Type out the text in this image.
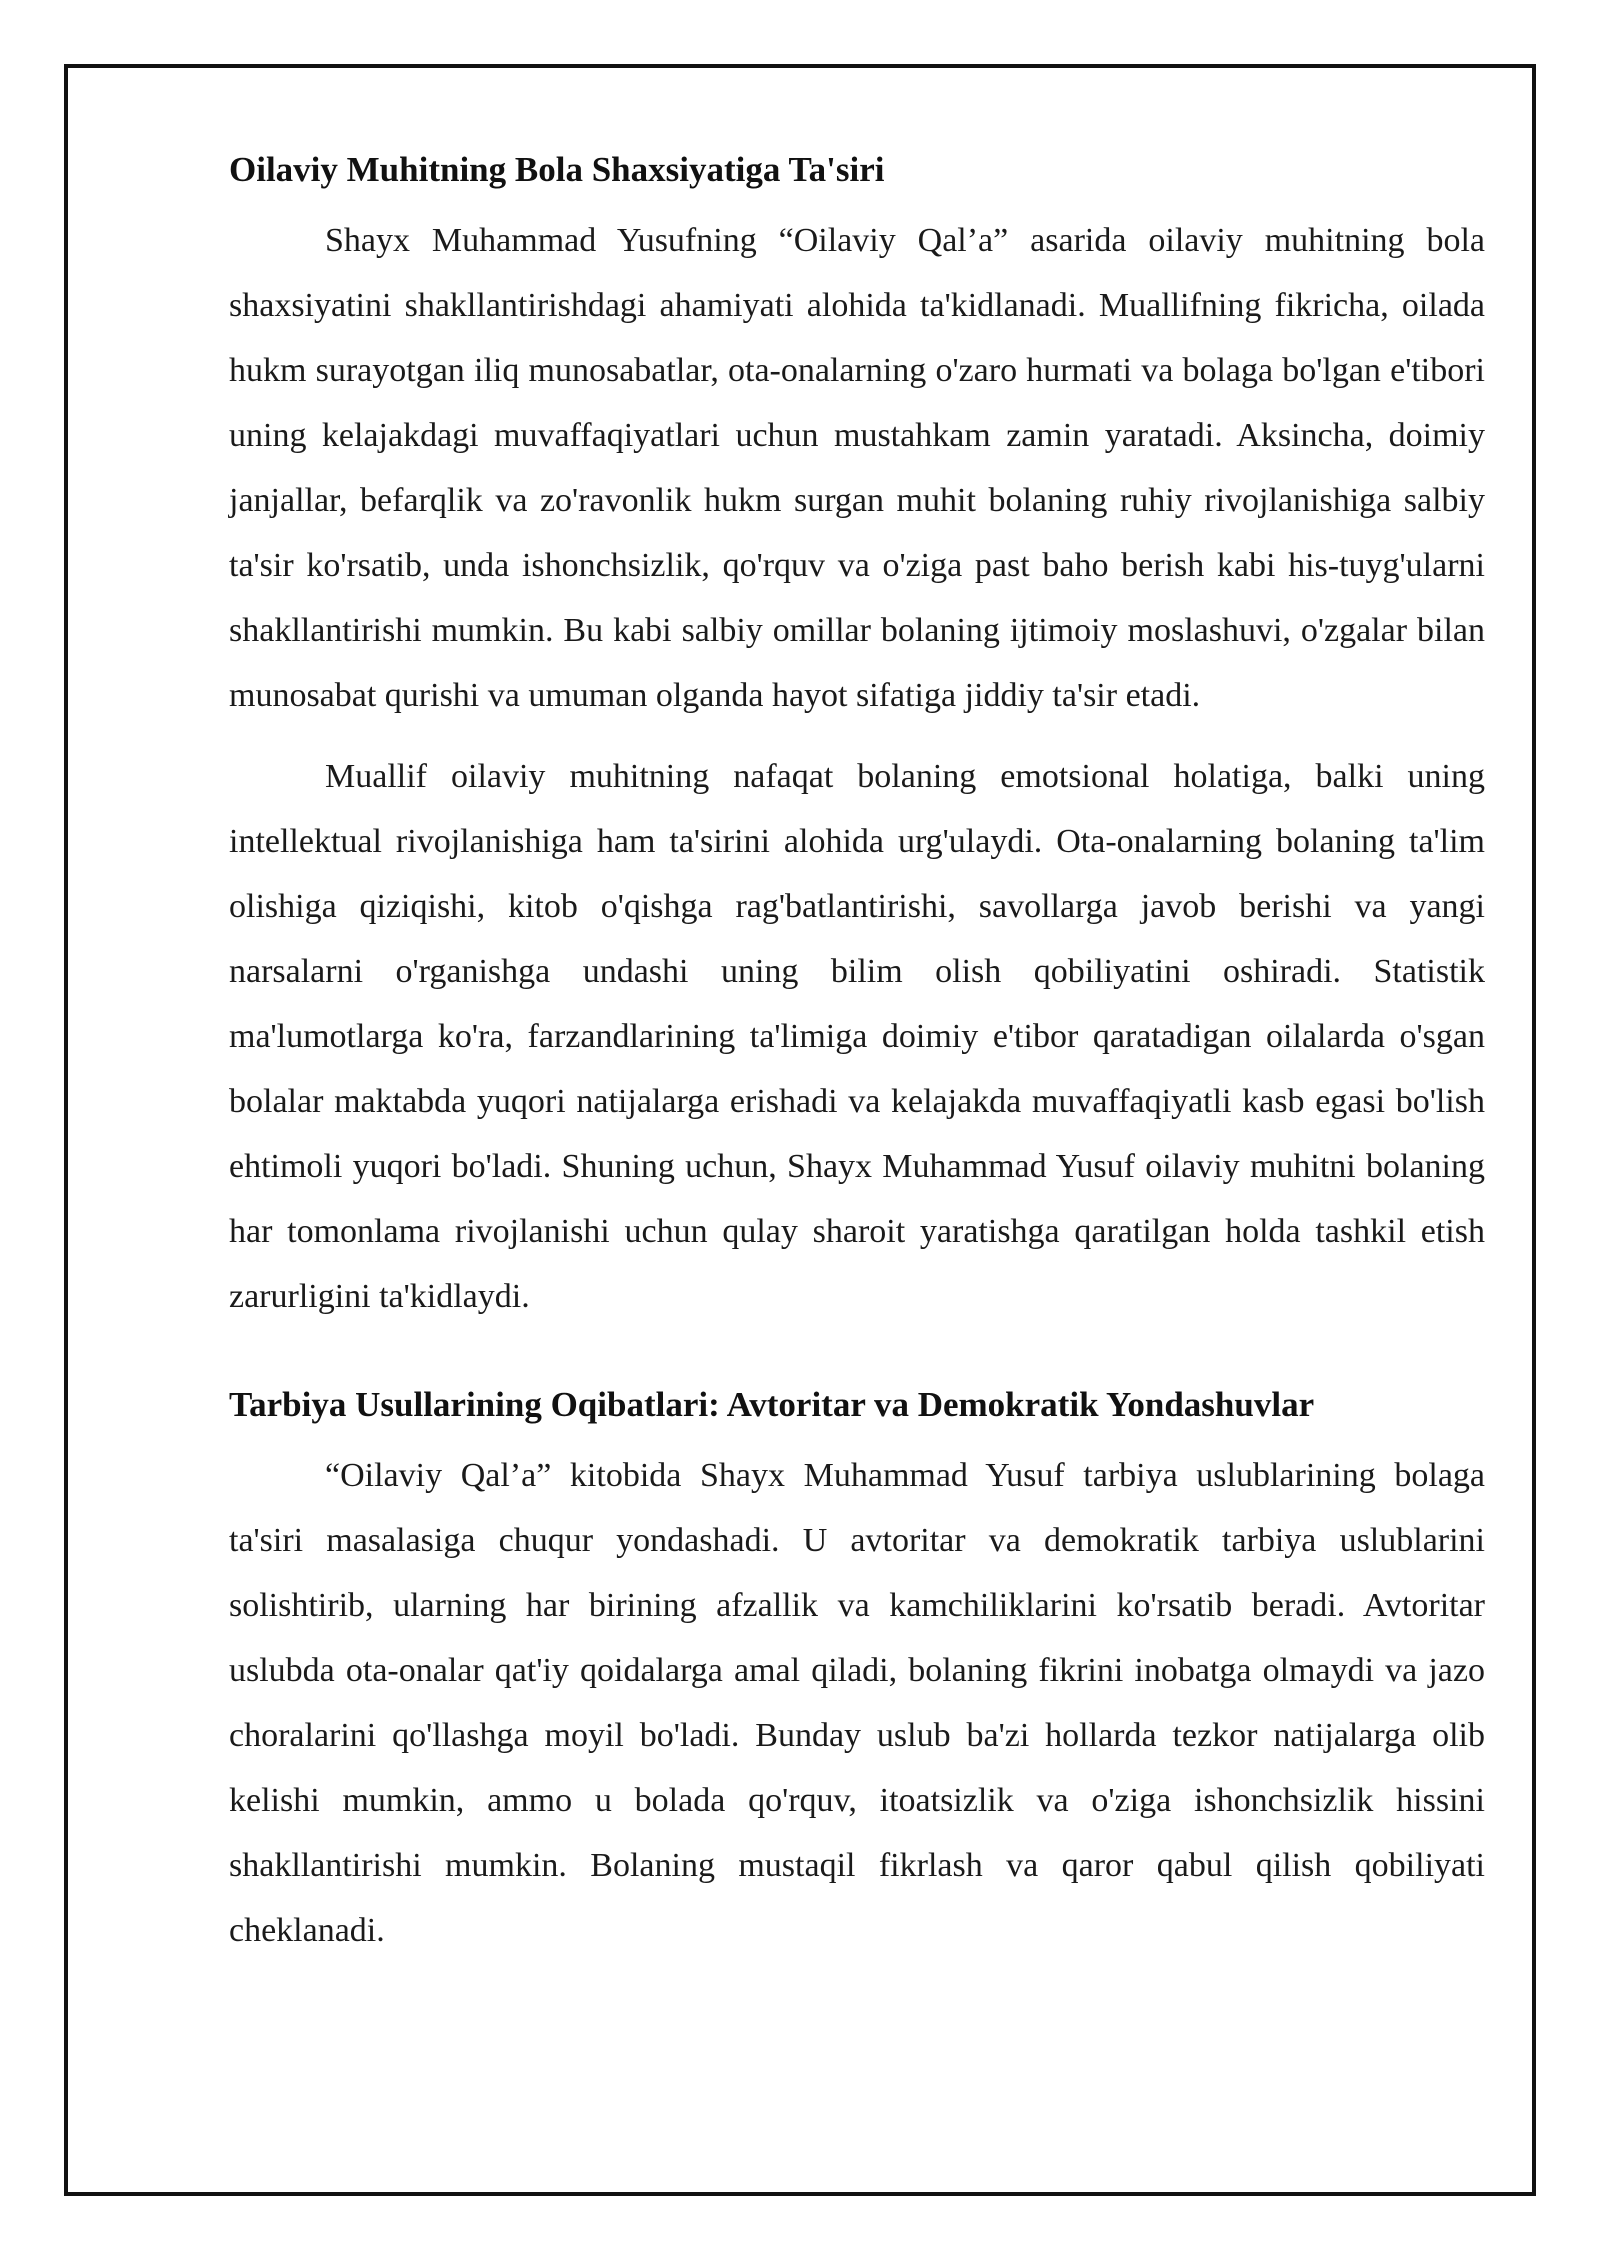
Oilaviy Muhitning Bola Shaxsiyatiga Ta'siri

Shayx Muhammad Yusufning “Oilaviy Qal’a” asarida oilaviy muhitning bola shaxsiyatini shakllantirishdagi ahamiyati alohida ta'kidlanadi. Muallifning fikricha, oilada hukm surayotgan iliq munosabatlar, ota-onalarning o'zaro hurmati va bolaga bo'lgan e'tibori uning kelajakdagi muvaffaqiyatlari uchun mustahkam zamin yaratadi. Aksincha, doimiy janjallar, befarqlik va zo'ravonlik hukm surgan muhit bolaning ruhiy rivojlanishiga salbiy ta'sir ko'rsatib, unda ishonchsizlik, qo'rquv va o'ziga past baho berish kabi his-tuyg'ularni shakllantirishi mumkin. Bu kabi salbiy omillar bolaning ijtimoiy moslashuvi, o'zgalar bilan munosabat qurishi va umuman olganda hayot sifatiga jiddiy ta'sir etadi.

Muallif oilaviy muhitning nafaqat bolaning emotsional holatiga, balki uning intellektual rivojlanishiga ham ta'sirini alohida urg'ulaydi. Ota-onalarning bolaning ta'lim olishiga qiziqishi, kitob o'qishga rag'batlantirishi, savollarga javob berishi va yangi narsalarni o'rganishga undashi uning bilim olish qobiliyatini oshiradi. Statistik ma'lumotlarga ko'ra, farzandlarining ta'limiga doimiy e'tibor qaratadigan oilalarda o'sgan bolalar maktabda yuqori natijalarga erishadi va kelajakda muvaffaqiyatli kasb egasi bo'lish ehtimoli yuqori bo'ladi. Shuning uchun, Shayx Muhammad Yusuf oilaviy muhitni bolaning har tomonlama rivojlanishi uchun qulay sharoit yaratishga qaratilgan holda tashkil etish zarurligini ta'kidlaydi.

Tarbiya Usullarining Oqibatlari: Avtoritar va Demokratik Yondashuvlar

“Oilaviy Qal’a” kitobida Shayx Muhammad Yusuf tarbiya uslublarining bolaga ta'siri masalasiga chuqur yondashadi. U avtoritar va demokratik tarbiya uslublarini solishtirib, ularning har birining afzallik va kamchiliklarini ko'rsatib beradi. Avtoritar uslubda ota-onalar qat'iy qoidalarga amal qiladi, bolaning fikrini inobatga olmaydi va jazo choralarini qo'llashga moyil bo'ladi. Bunday uslub ba'zi hollarda tezkor natijalarga olib kelishi mumkin, ammo u bolada qo'rquv, itoatsizlik va o'ziga ishonchsizlik hissini shakllantirishi mumkin. Bolaning mustaqil fikrlash va qaror qabul qilish qobiliyati cheklanadi.
